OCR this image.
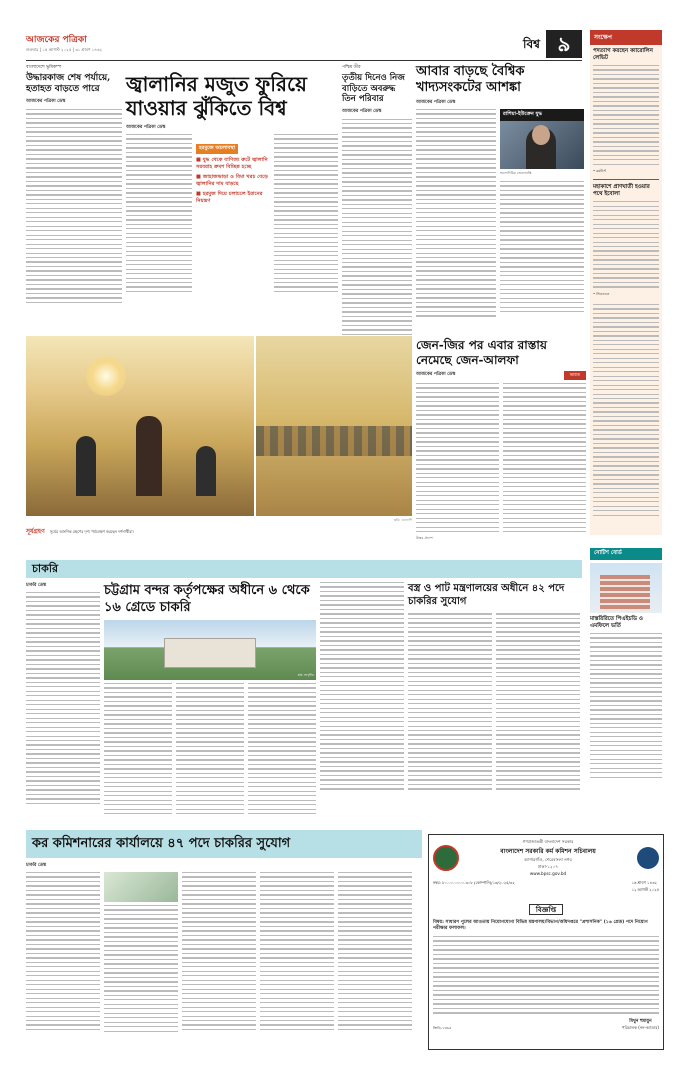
আজকের পত্রিকা
শুক্রবার | ১৫ আগস্ট ২০২৫ | ৩১ শ্রাবণ ১৪৩২	বিশ্ব ৯
বাংলাদেশে ভূমিকম্প
উদ্ধারকাজ শেষ পর্যায়ে, হতাহত বাড়তে পারে
আজকের পত্রিকা ডেস্ক
জ্বালানির মজুত ফুরিয়ে যাওয়ার ঝুঁকিতে বিশ্ব
আজকের পত্রিকা ডেস্ক
হরমুজে অচলাবস্থা
■ যুদ্ধ থেকে বাণিজ্য রুটে জ্বালানি সরবরাহ ক্রমশ বিচ্ছিন্ন হচ্ছে
■ জাহাজভাড়া ও বিমা খরচ বেড়ে জ্বালানির দাম বাড়ছে
■ হরমুজ দিয়ে চলাচলে ইরানের নিয়ন্ত্রণ
পশ্চিম তীর
তৃতীয় দিনেও নিজ বাড়িতে অবরুদ্ধ তিন পরিবার
আজকের পত্রিকা ডেস্ক
আবার বাড়ছে বৈশ্বিক খাদ্যসংকটের আশঙ্কা
আজকের পত্রিকা ডেস্ক
রাশিয়া-ইউক্রেন যুদ্ধ
ভলোদিমির জেলেনস্কি
সংক্ষেপ
পদত্যাগ করছেন ক্যারোলিন লেভিট
• রয়টার্স
মহাকাশে প্রাণঘাতী হওয়ার পথে ইবোলা
• সিএনএন
জেন-জির পর এবার রাস্তায় নেমেছে জেন-আলফা
আজকের পত্রিকা ডেস্ক	ভারত
উত্তর প্রদেশ
সূর্যগ্রহণ সূর্যের আংশিক গ্রহণের দৃশ্য পর্যবেক্ষণ করছেন দর্শনার্থীরা।
ছবি: এএফপি
নোটিশ বোর্ড
মাস্তরিরিতে পিএইচডি ও এমফিলে ভর্তি
চাকরি
চাকরি ডেস্ক	চট্টগ্রাম বন্দর কর্তৃপক্ষের অধীনে ৬ থেকে ১৬ গ্রেডে চাকরি
ছবি: সংগৃহীত
বস্ত্র ও পাট মন্ত্রণালয়ের অধীনে ৪২ পদে চাকরির সুযোগ
কর কমিশনারের কার্যালয়ে ৪৭ পদে চাকরির সুযোগ
চাকরি ডেস্ক
গণপ্রজাতন্ত্রী বাংলাদেশ সরকার
বাংলাদেশ সরকারি কর্ম কমিশন সচিবালয়
আগারগাঁও, শেরেবাংলা নগর
ঢাকা-১২০৭
www.bpsc.gov.bd
নম্বর: ৮০.০০.০০০০.৩০৮ (কোম্পানি)/১৬/২০২৫/৩২	১৬ শ্রাবণ ১৪৩২
১২ আগস্ট ২০২৫
বিজ্ঞপ্তি
বিষয়: সাধারণ পুলের আওতায় নিয়োগযোগ্য বিভিন্ন মন্ত্রণালয়/বিভাগ/অধিদপ্তরে "প্রশাসনিক" (১৬ গ্রেড) পদে নিয়োগ পরীক্ষার ফলাফল।
জিডি-১৩৬৪
মিথুন হুমায়ুন
পরিচালক (নন-ক্যাডার)
